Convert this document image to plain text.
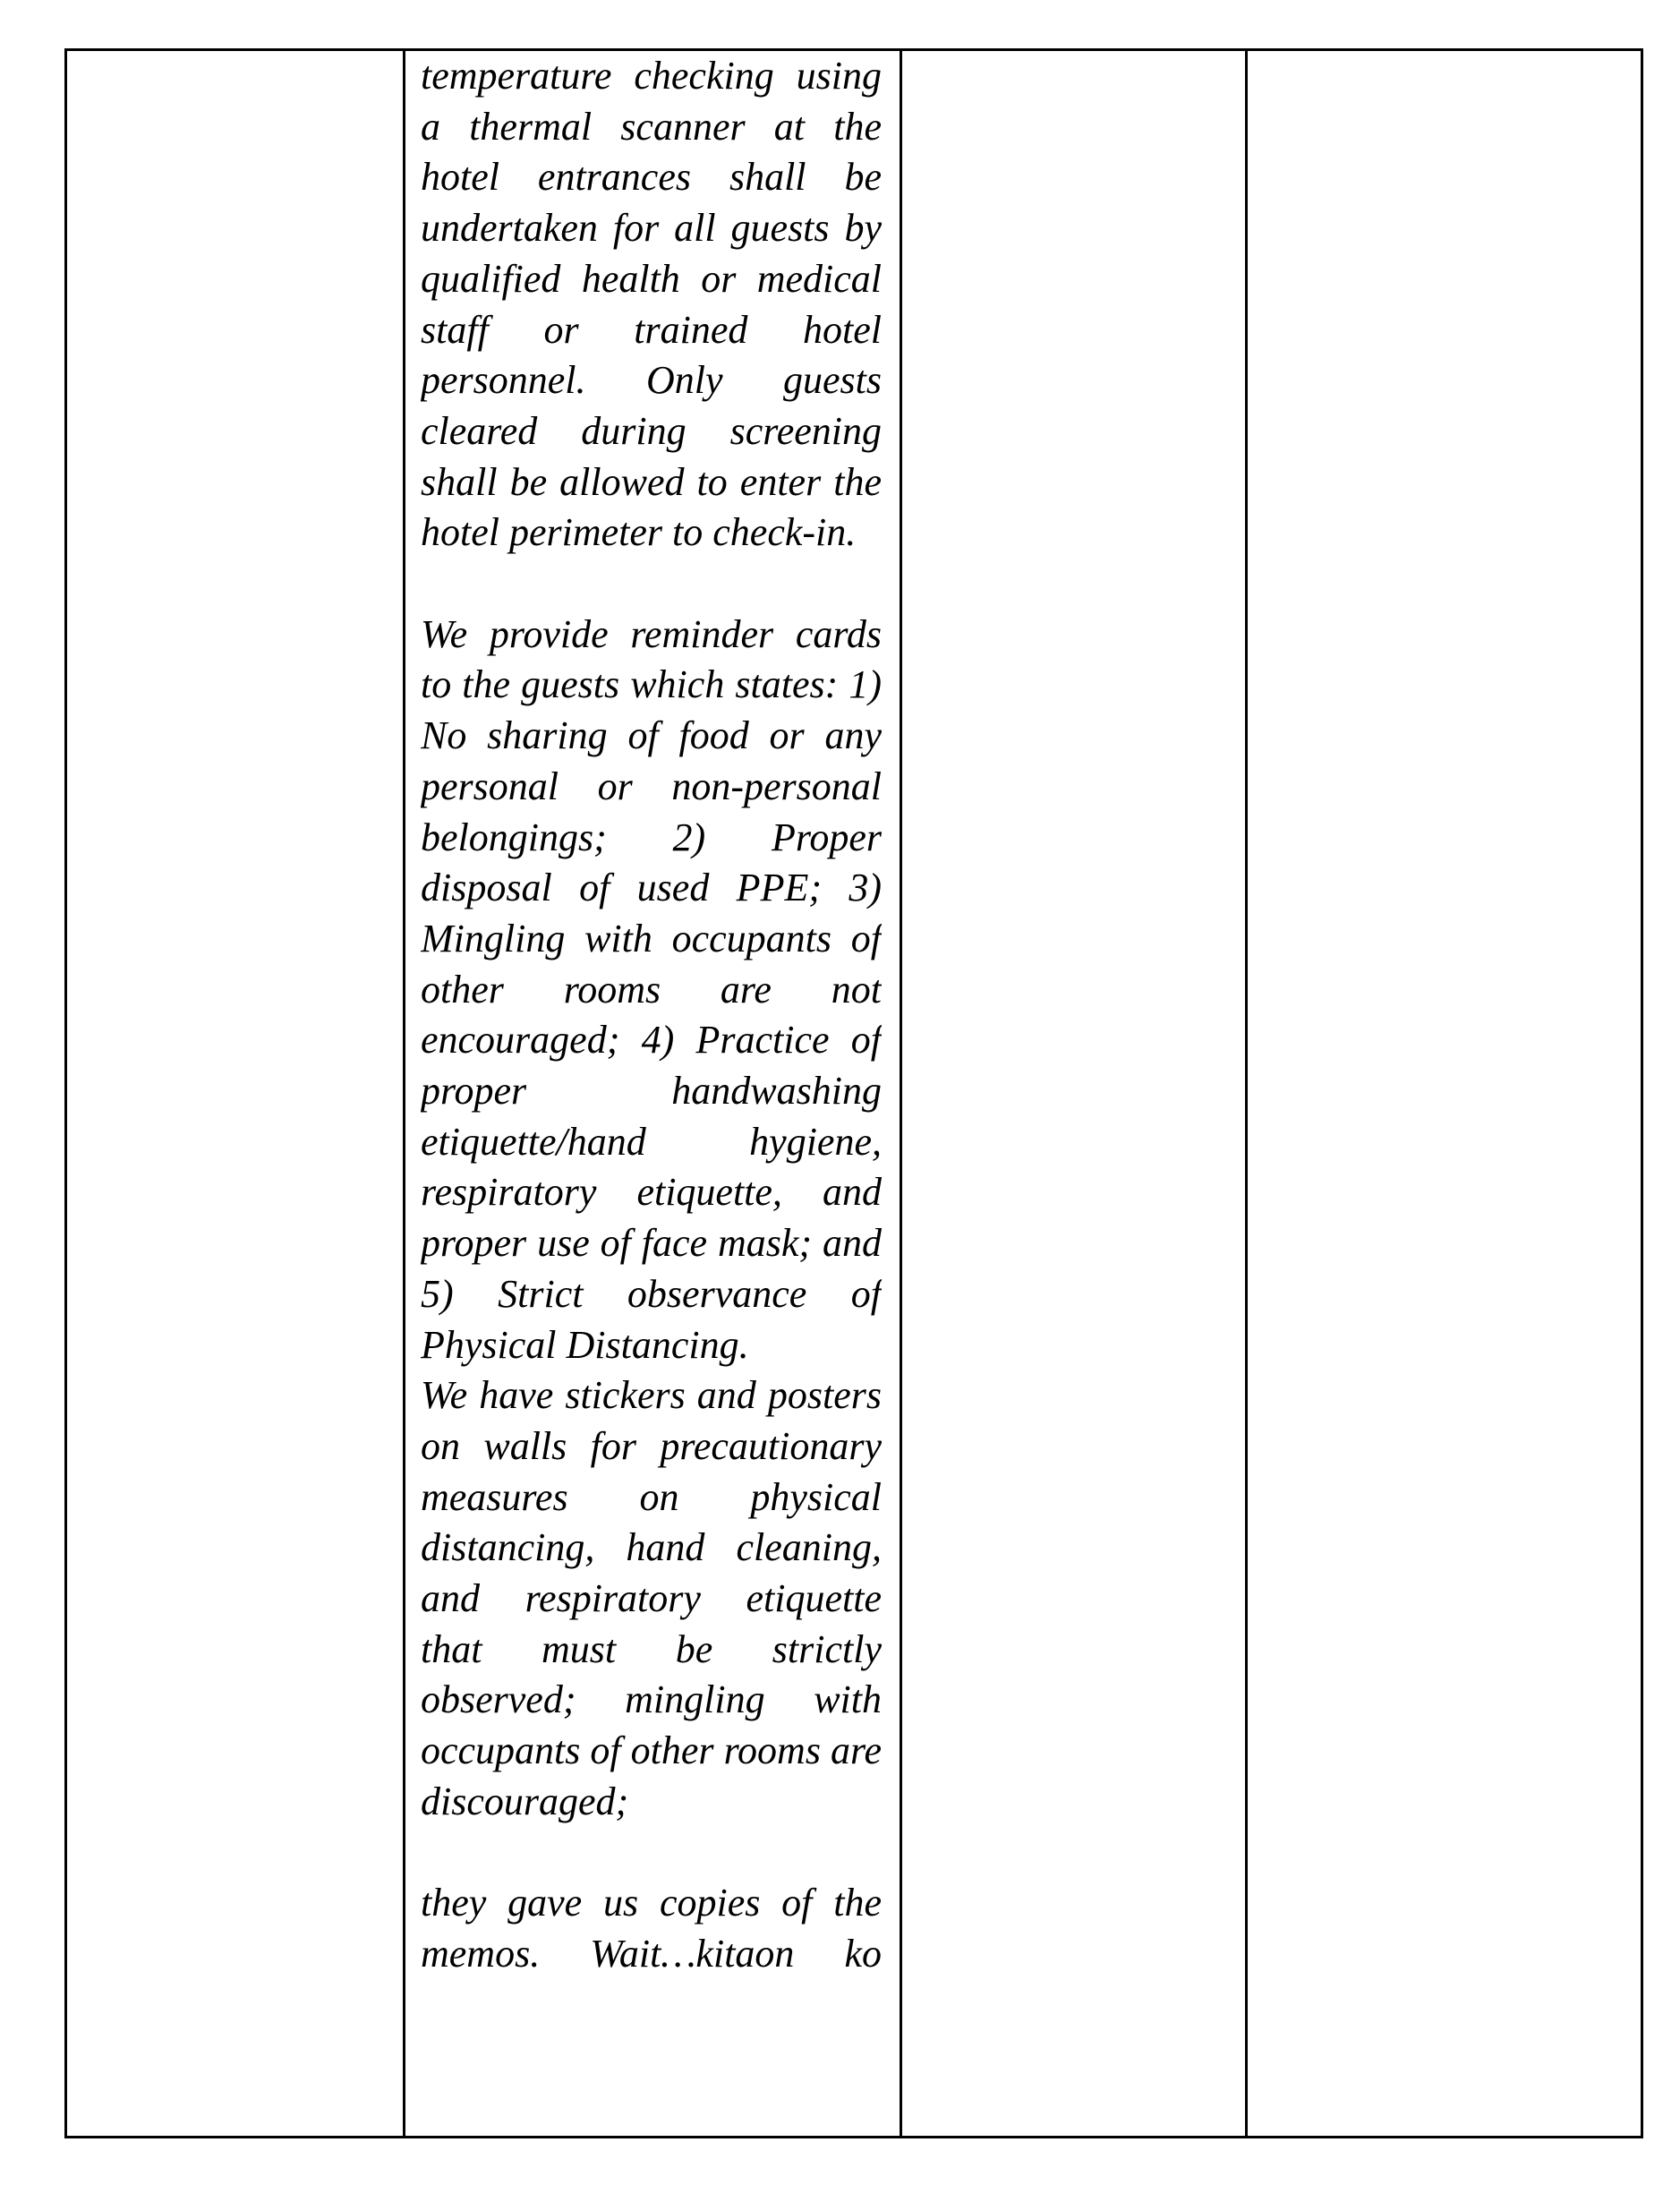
temperature checking using a thermal scanner at the hotel entrances shall be undertaken for all guests by qualified health or medical staff or trained hotel personnel. Only guests cleared during screening shall be allowed to enter the hotel perimeter to check-in.

We provide reminder cards to the guests which states: 1) No sharing of food or any personal or non-personal belongings; 2) Proper disposal of used PPE; 3) Mingling with occupants of other rooms are not encouraged; 4) Practice of proper handwashing etiquette/hand hygiene, respiratory etiquette, and proper use of face mask; and 5) Strict observance of Physical Distancing.

We have stickers and posters on walls for precautionary measures on physical distancing, hand cleaning, and respiratory etiquette that must be strictly observed; mingling with occupants of other rooms are discouraged;

they gave us copies of the memos. Wait…kitaon ko
